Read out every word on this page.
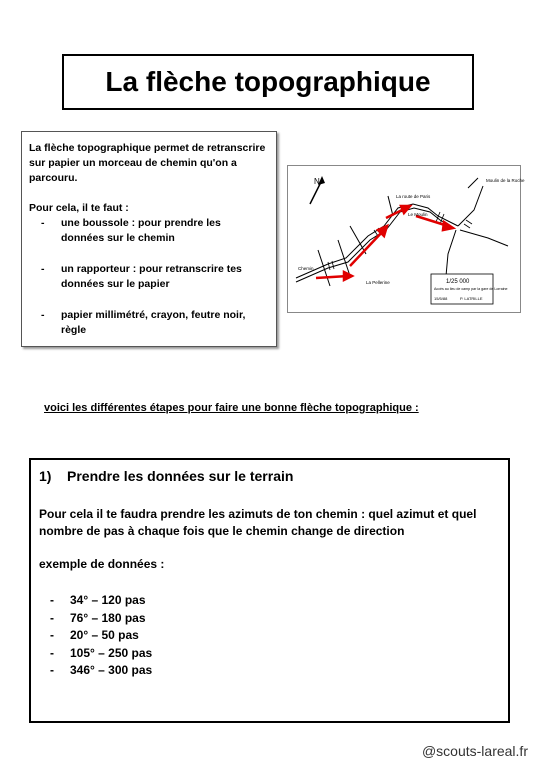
La flèche topographique

La flèche topographique permet de retranscrire sur papier un morceau de chemin qu'on a parcouru.

Pour cela, il te faut :

- une boussole : pour prendre les données sur le chemin
- un rapporteur : pour retranscrire tes données sur le papier
- papier millimétré, crayon, feutre noir, règle
N
La Pellerine
La route de Paris
Le Moulin
Moulin de la Roche
Chemin
1/25 000
Accès au lieu de camp par la gare de Lorraine
15/5/88	P. LATRILLE
voici les différentes étapes pour faire une bonne flèche topographique :

1) Prendre les données sur le terrain

Pour cela il te faudra prendre les azimuts de ton chemin : quel azimut et quel nombre de pas à chaque fois que le chemin change de direction

exemple de données :

- 34° – 120 pas
- 76° – 180 pas
- 20° – 50 pas
- 105° – 250 pas
- 346° – 300 pas
@scouts-lareal.fr
